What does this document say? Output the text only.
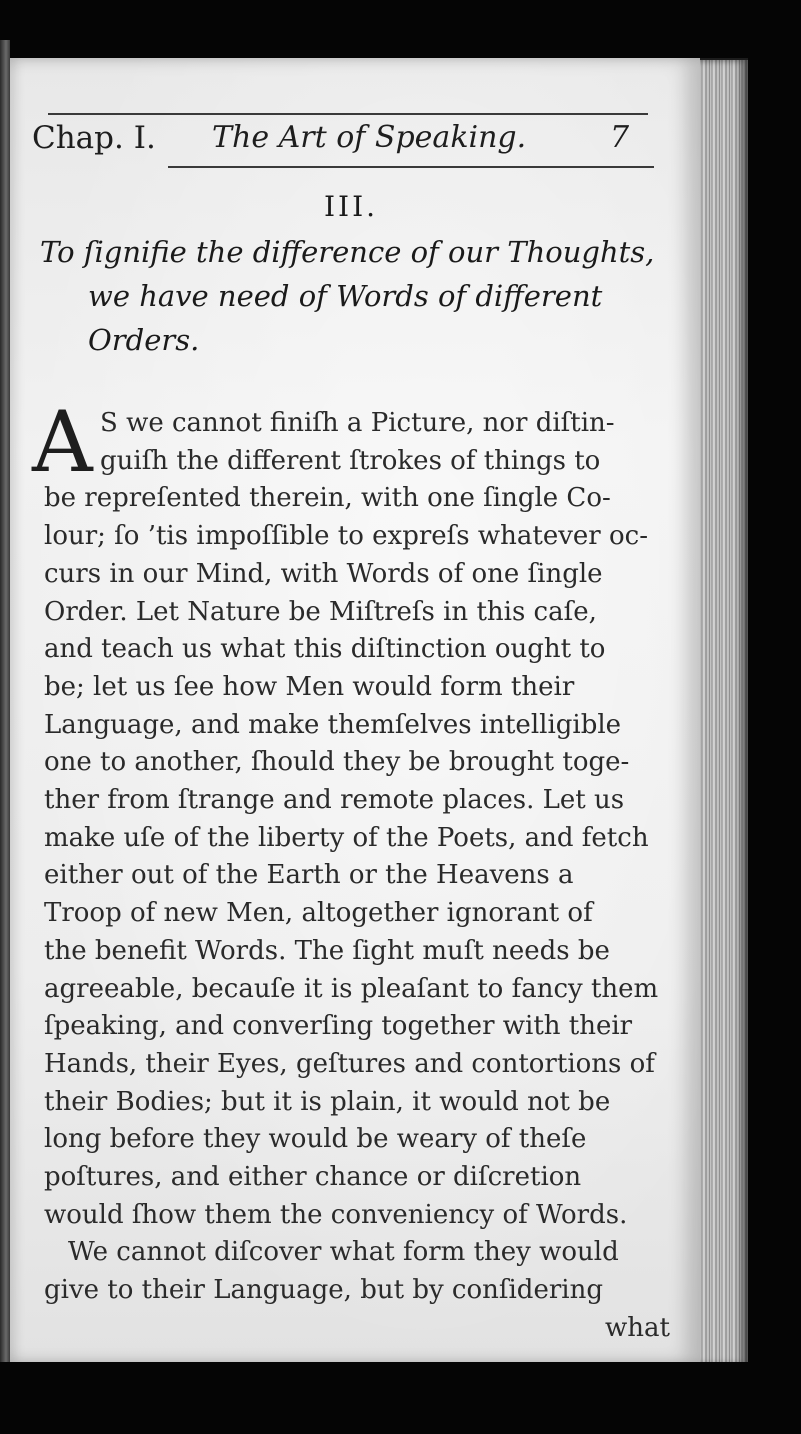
Chap. I. The Art of Speaking.	7
III.
To ſignifie the difference of our Thoughts,
we have need of Words of different
Orders.
A S we cannot finiſh a Picture, nor diſtin-
guiſh the different ſtrokes of things to
be repreſented therein, with one ſingle Co-
lour; ſo ’tis impoſſible to expreſs whatever oc-
curs in our Mind, with Words of one ſingle
Order. Let Nature be Miſtreſs in this caſe,
and teach us what this diſtinction ought to
be; let us ſee how Men would form their
Language, and make themſelves intelligible
one to another, ſhould they be brought toge-
ther from ſtrange and remote places. Let us
make uſe of the liberty of the Poets, and fetch
either out of the Earth or the Heavens a
Troop of new Men, altogether ignorant of
the benefit Words. The ſight muſt needs be
agreeable, becauſe it is pleaſant to fancy them
ſpeaking, and converſing together with their
Hands, their Eyes, geſtures and contortions of
their Bodies; but it is plain, it would not be
long before they would be weary of theſe
poſtures, and either chance or diſcretion
would ſhow them the conveniency of Words.
We cannot diſcover what form they would
give to their Language, but by conſidering
what
